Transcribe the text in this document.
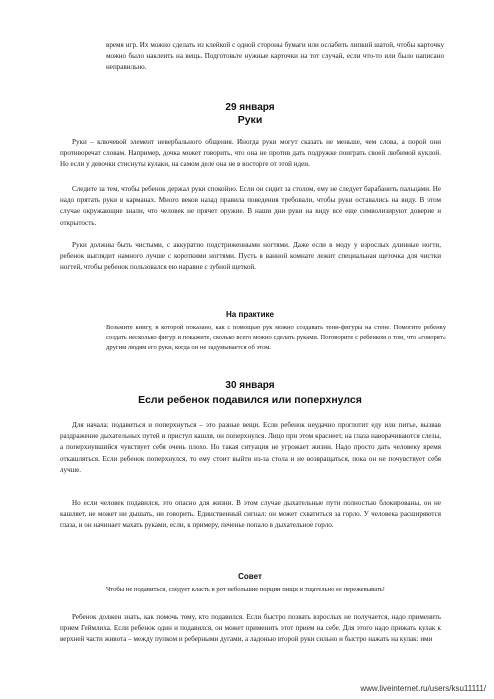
время игр. Их можно сделать из клейкой с одной стороны бумаги или ослабить липкий шатой, чтобы карточку можно было наклеить на вещь. Подготовьте нужные карточки на тот случай, если что-то или было написано неправильно.

29 января
Руки

Руки – ключевой элемент невербального общения. Иногда руки могут сказать не меньше, чем слова, а порой они противоречат словам. Например, дочка может говорить, что она не против дать подружке поиграть своей любимой куклой. Но если у девочки стиснуты кулаки, на самом деле она не в восторге от этой идеи.

Следите за тем, чтобы ребенок держал руки спокойно. Если он сидит за столом, ему не следует барабанить пальцами. Не надо прятать руки в карманах. Много веков назад правила поведения требовали, чтобы руки оставались на виду. В этом случае окружающие знали, что человек не прячет оружие. В наши дни руки на виду все еще символизируют доверие и открытость.

Руки должны быть чистыми, с аккуратно подстриженными ногтями. Даже если в моду у взрослых длинные ногти, ребенок выглядит намного лучше с короткими ногтями. Пусть в ванной комнате лежит специальная щеточка для чистки ногтей, чтобы ребенок пользовался ею наравне с зубной щеткой.

На практике

Возьмите книгу, в которой показано, как с помощью рук можно создавать тени-фигуры на стене. Помогите ребенку создать несколько фигур и покажите, сколько всего можно сделать руками. Поговорите с ребенком о том, что «говорят» другим людям его руки, когда он не задумывается об этом.

30 января
Если ребенок подавился или поперхнулся

Для начала: подавиться и поперхнуться – это разные вещи. Если ребенок неудачно проглотит еду или питье, вызвав раздражение дыхательных путей и приступ кашля, он поперхнулся. Лицо при этом краснеет, на глаза наворачиваются слезы, а поперхнувшийся чувствует себя очень плохо. Но такая ситуация не угрожает жизни. Надо просто дать человеку время откашляться. Если ребенок поперхнулся, то ему стоит выйти из-за стола и не возвращаться, пока он не почувствует себя лучше.

Но если человек подавился, это опасно для жизни. В этом случае дыхательные пути полностью блокированы, он не кашляет, не может ни дышать, ни говорить. Единственный сигнал: он может схватиться за горло. У человека расширяются глаза, и он начинает махать руками, если, к примеру, печенье попало в дыхательное горло.

Совет

Чтобы не подавиться, следует класть в рот небольшие порции пищи и тщательно ее пережевывать!

Ребенок должен знать, как помочь тому, кто подавился. Если быстро позвать взрослых не получается, надо применить прием Геймлиха. Если ребенок один и подавился, он может применить этот прием на себе. Для этого надо прижать кулак к верхней части живота – между пупком и реберными дугами, а ладонью второй руки сильно и быстро нажать на кулак: ими

www.liveinternet.ru/users/ksu11111/
